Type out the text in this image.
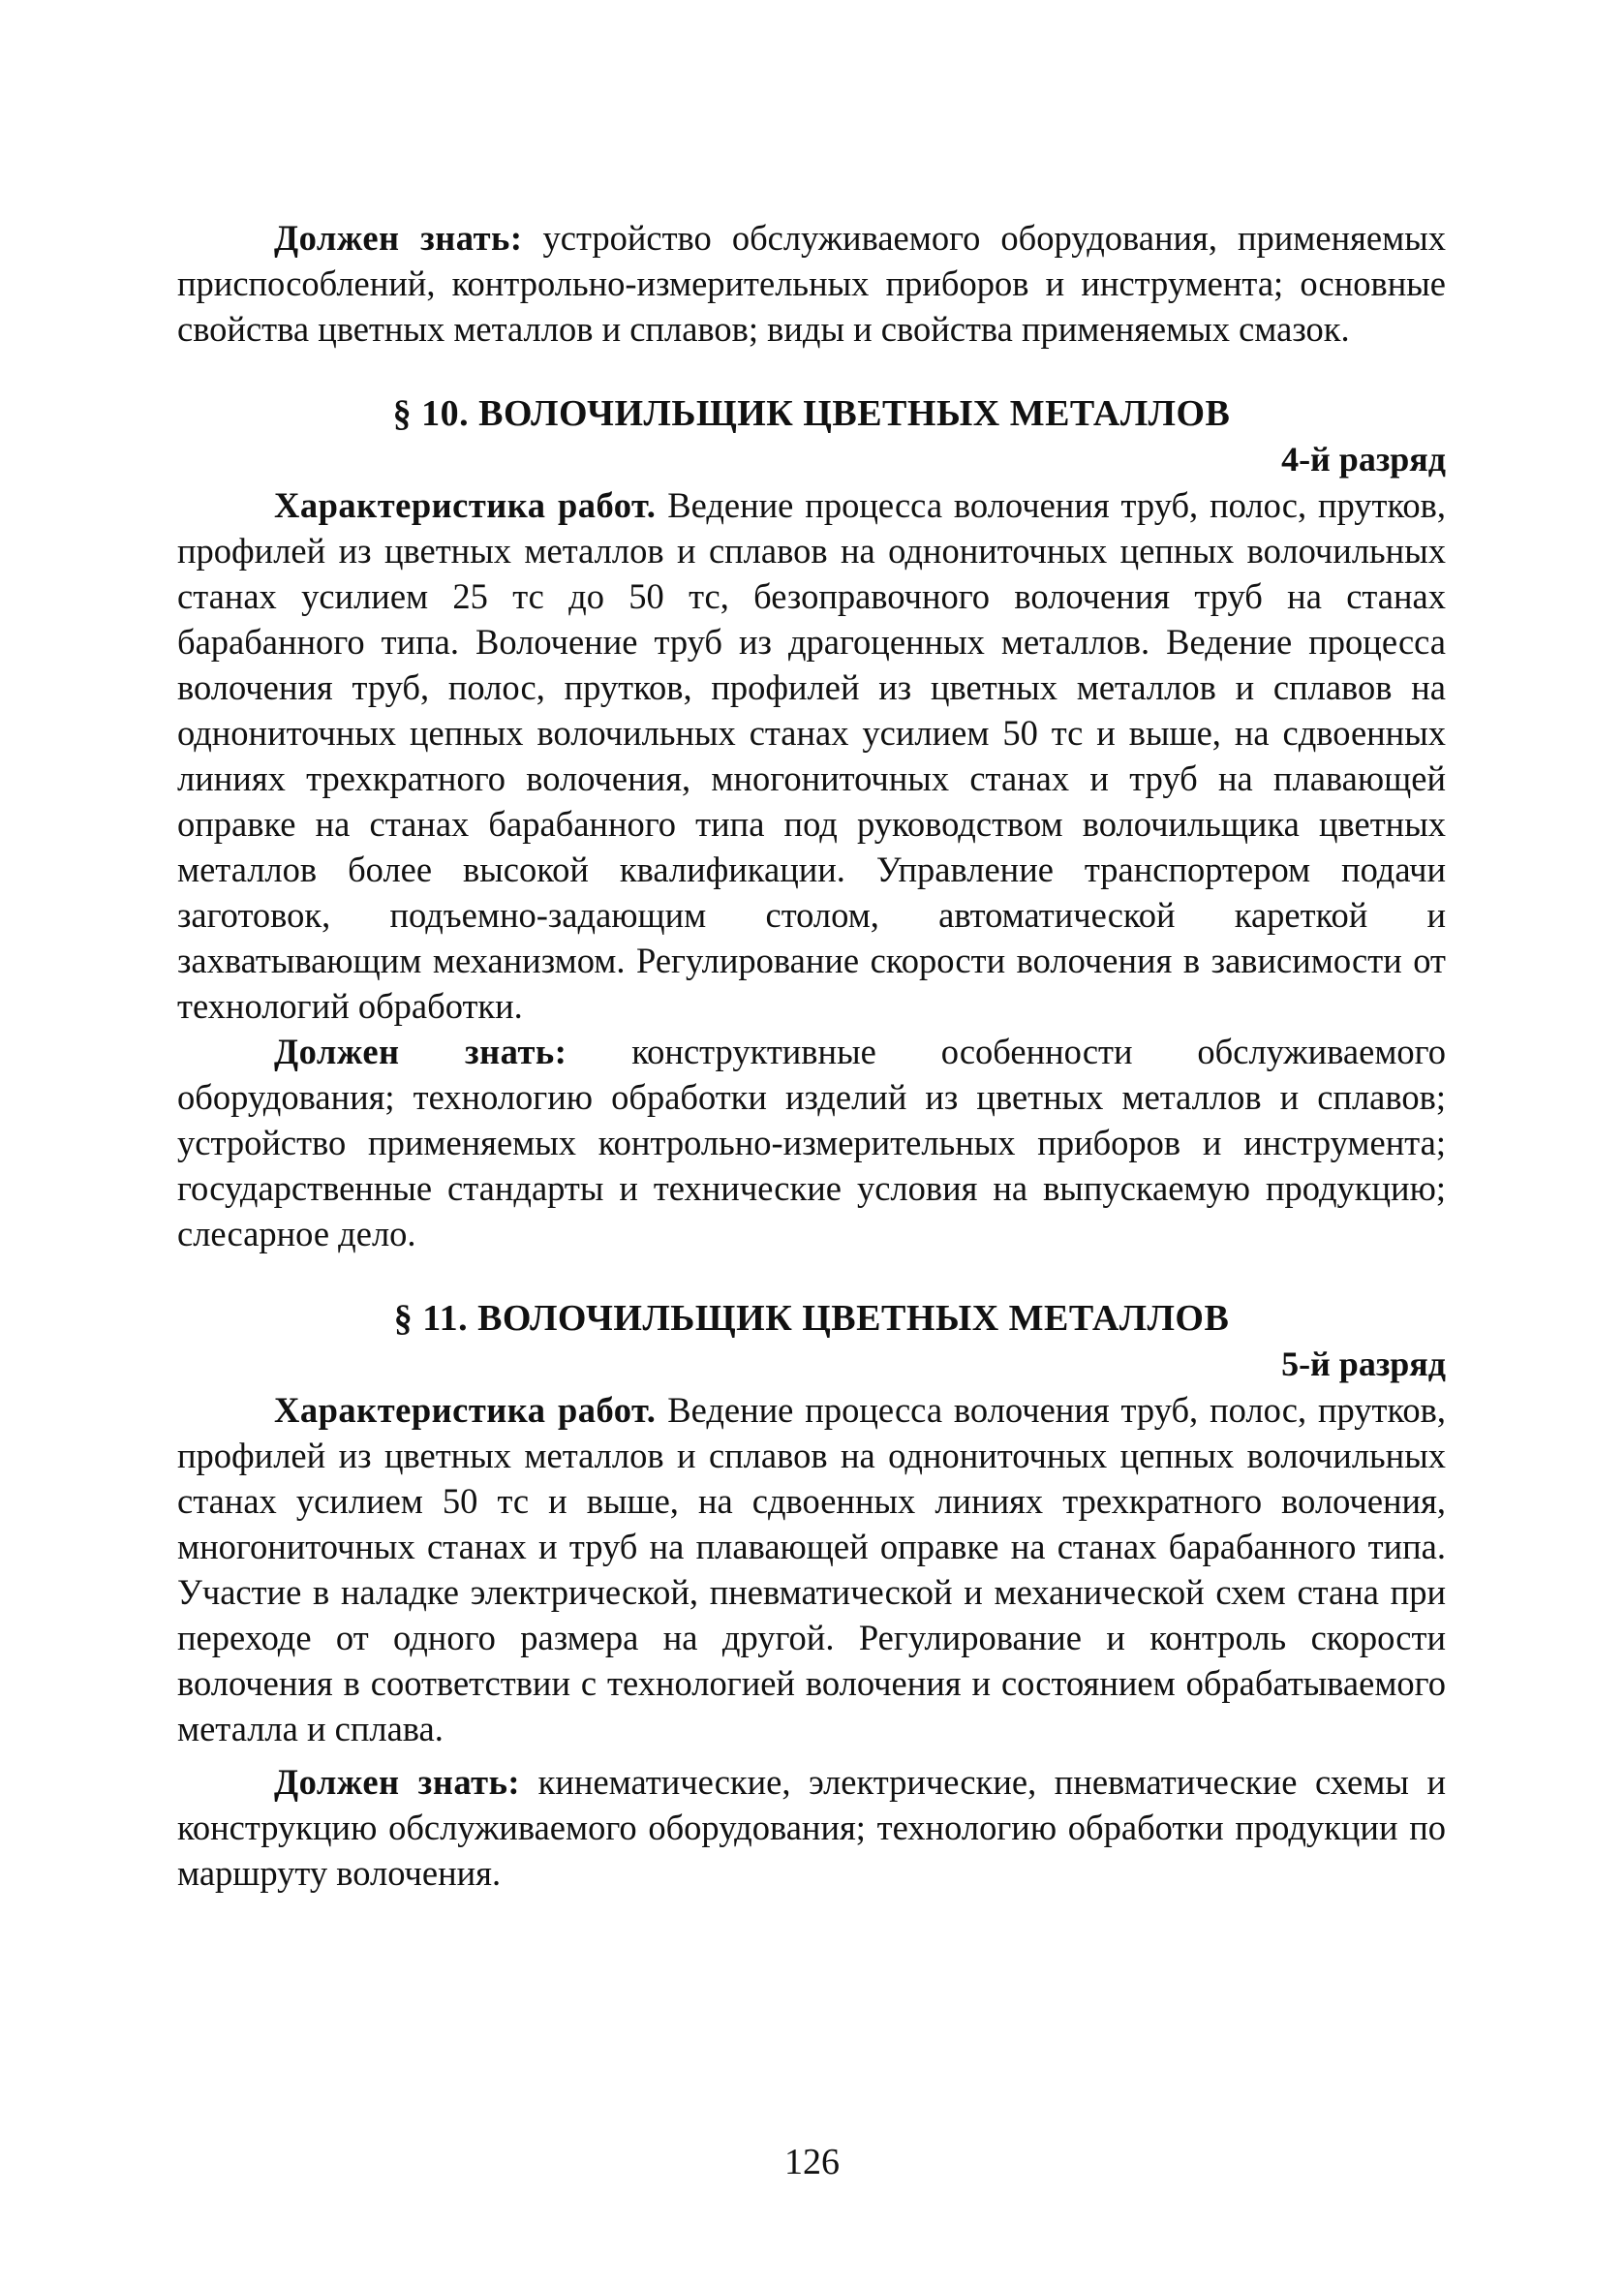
Должен знать: устройство обслуживаемого оборудования, применяемых приспособлений, контрольно-измерительных приборов и инструмента; основные свойства цветных металлов и сплавов; виды и свойства применяемых смазок.

§ 10. ВОЛОЧИЛЬЩИК ЦВЕТНЫХ МЕТАЛЛОВ
4-й разряд

Характеристика работ. Ведение процесса волочения труб, полос, прутков, профилей из цветных металлов и сплавов на однониточных цепных волочильных станах усилием 25 тс до 50 тс, безоправочного волочения труб на станах барабанного типа. Волочение труб из драгоценных металлов. Ведение процесса волочения труб, полос, прутков, профилей из цветных металлов и сплавов на однониточных цепных волочильных станах усилием 50 тс и выше, на сдвоенных линиях трехкратного волочения, многониточных станах и труб на плавающей оправке на станах барабанного типа под руководством волочильщика цветных металлов более высокой квалификации. Управление транспортером подачи заготовок, подъемно-задающим столом, автоматической кареткой и захватывающим механизмом. Регулирование скорости волочения в зависимости от технологий обработки.

Должен знать: конструктивные особенности обслуживаемого оборудования; технологию обработки изделий из цветных металлов и сплавов; устройство применяемых контрольно-измерительных приборов и инструмента; государственные стандарты и технические условия на выпускаемую продукцию; слесарное дело.

§ 11. ВОЛОЧИЛЬЩИК ЦВЕТНЫХ МЕТАЛЛОВ
5-й разряд

Характеристика работ. Ведение процесса волочения труб, полос, прутков, профилей из цветных металлов и сплавов на однониточных цепных волочильных станах усилием 50 тс и выше, на сдвоенных линиях трехкратного волочения, многониточных станах и труб на плавающей оправке на станах барабанного типа. Участие в наладке электрической, пневматической и механической схем стана при переходе от одного размера на другой. Регулирование и контроль скорости волочения в соответствии с технологией волочения и состоянием обрабатываемого металла и сплава.

Должен знать: кинематические, электрические, пневматические схемы и конструкцию обслуживаемого оборудования; технологию обработки продукции по маршруту волочения.

126
